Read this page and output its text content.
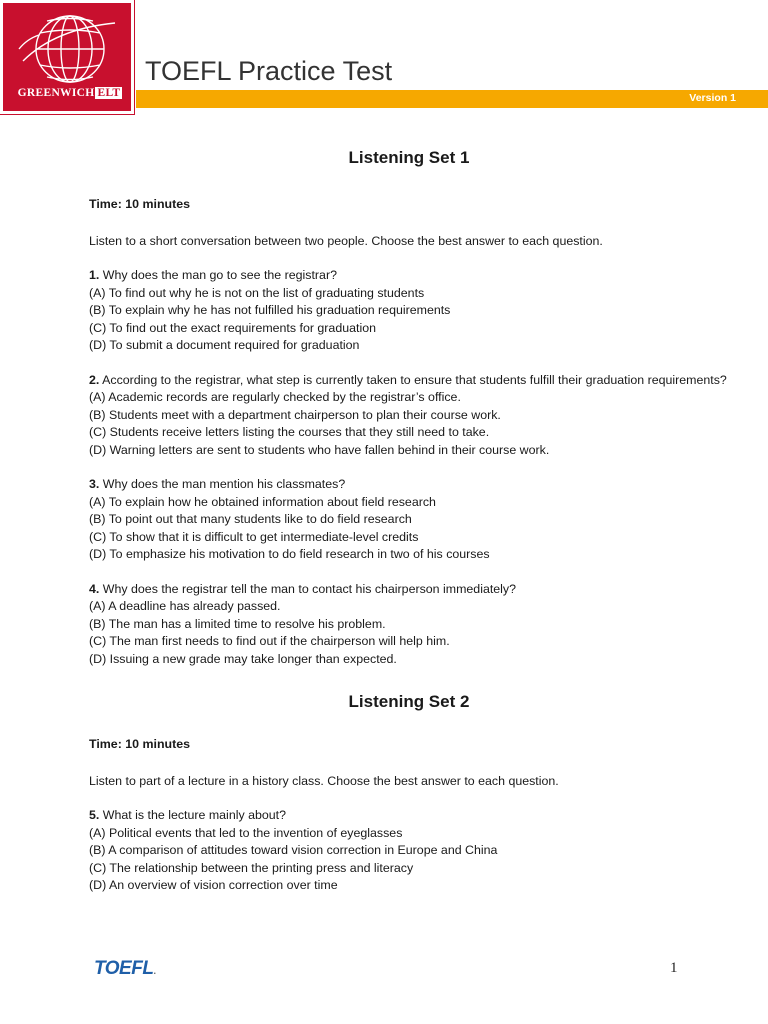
GREENWICH ELT
TOEFL Practice Test
Version 1

Listening Set 1

Time: 10 minutes

Listen to a short conversation between two people. Choose the best answer to each question.

1. Why does the man go to see the registrar?

(A) To find out why he is not on the list of graduating students

(B) To explain why he has not fulfilled his graduation requirements

(C) To find out the exact requirements for graduation

(D) To submit a document required for graduation

2. According to the registrar, what step is currently taken to ensure that students fulfill their graduation requirements?

(A) Academic records are regularly checked by the registrar’s office.

(B) Students meet with a department chairperson to plan their course work.

(C) Students receive letters listing the courses that they still need to take.

(D) Warning letters are sent to students who have fallen behind in their course work.

3. Why does the man mention his classmates?

(A) To explain how he obtained information about field research

(B) To point out that many students like to do field research

(C) To show that it is difficult to get intermediate-level credits

(D) To emphasize his motivation to do field research in two of his courses

4. Why does the registrar tell the man to contact his chairperson immediately?

(A) A deadline has already passed.

(B) The man has a limited time to resolve his problem.

(C) The man first needs to find out if the chairperson will help him.

(D) Issuing a new grade may take longer than expected.

Listening Set 2

Time: 10 minutes

Listen to part of a lecture in a history class. Choose the best answer to each question.

5. What is the lecture mainly about?

(A) Political events that led to the invention of eyeglasses

(B) A comparison of attitudes toward vision correction in Europe and China

(C) The relationship between the printing press and literacy

(D) An overview of vision correction over time

TOEFL.	1
